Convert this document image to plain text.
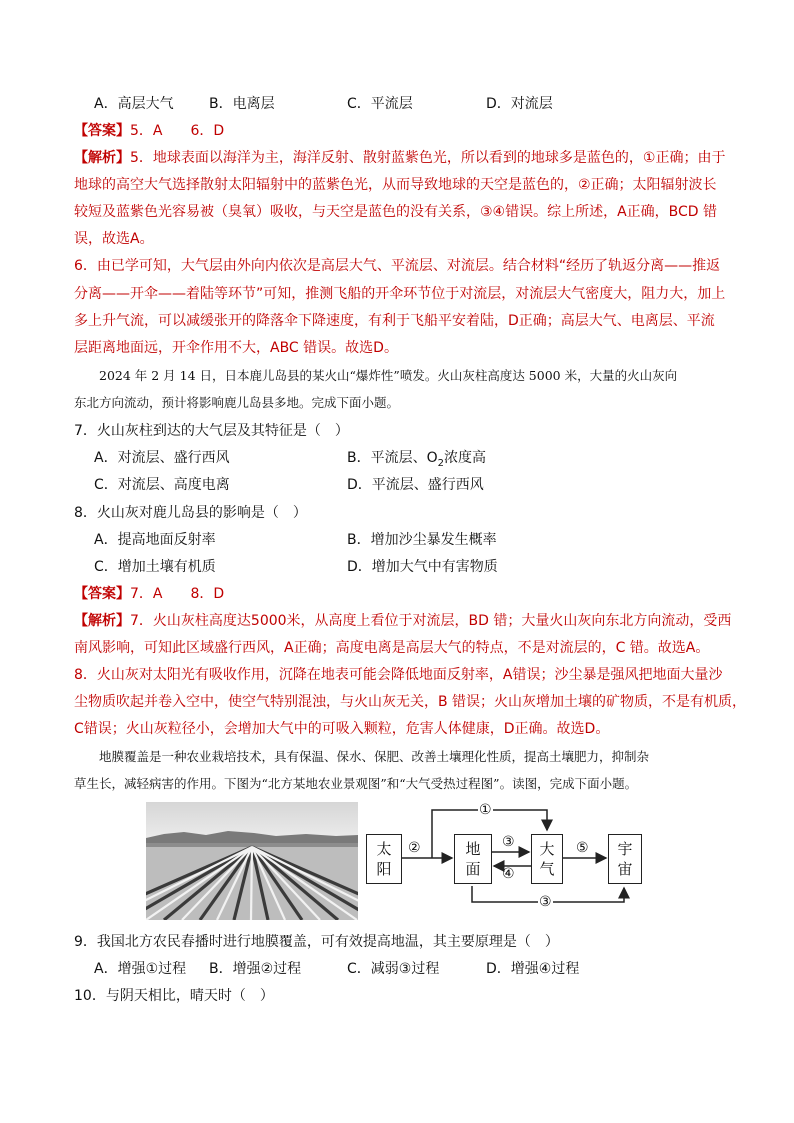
A．高层大气	B．电离层	C．平流层	D．对流层
【答案】5．A　　6．D
【解析】5．地球表面以海洋为主，海洋反射、散射蓝紫色光，所以看到的地球多是蓝色的，①正确；由于
地球的高空大气选择散射太阳辐射中的蓝紫色光，从而导致地球的天空是蓝色的，②正确；太阳辐射波长
较短及蓝紫色光容易被（臭氧）吸收，与天空是蓝色的没有关系，③④错误。综上所述，A正确，BCD 错
误，故选A。
6．由已学可知，大气层由外向内依次是高层大气、平流层、对流层。结合材料“经历了轨返分离——推返
分离——开伞——着陆等环节”可知，推测飞船的开伞环节位于对流层，对流层大气密度大，阻力大，加上
多上升气流，可以减缓张开的降落伞下降速度，有利于飞船平安着陆，D正确；高层大气、电离层、平流
层距离地面远，开伞作用不大，ABC 错误。故选D。
　　2024 年 2 月 14 日，日本鹿儿岛县的某火山“爆炸性”喷发。火山灰柱高度达 5000 米，大量的火山灰向
东北方向流动，预计将影响鹿儿岛县多地。完成下面小题。
7．火山灰柱到达的大气层及其特征是（　）
A．对流层、盛行西风	B．平流层、$O_2$浓度高
C．对流层、高度电离	D．平流层、盛行西风
8．火山灰对鹿儿岛县的影响是（　）
A．提高地面反射率	B．增加沙尘暴发生概率
C．增加土壤有机质	D．增加大气中有害物质
【答案】7．A　　8．D
【解析】7．火山灰柱高度达5000米，从高度上看位于对流层，BD 错；大量火山灰向东北方向流动，受西
南风影响，可知此区域盛行西风，A正确；高度电离是高层大气的特点，不是对流层的，C 错。故选A。
8．火山灰对太阳光有吸收作用，沉降在地表可能会降低地面反射率，A错误；沙尘暴是强风把地面大量沙
尘物质吹起并卷入空中，使空气特别混浊，与火山灰无关，B 错误；火山灰增加土壤的矿物质，不是有机质，
C错误；火山灰粒径小，会增加大气中的可吸入颗粒，危害人体健康，D正确。故选D。
　　地膜覆盖是一种农业栽培技术，具有保温、保水、保肥、改善土壤理化性质，提高土壤肥力，抑制杂
草生长，减轻病害的作用。下图为“北方某地农业景观图”和“大气受热过程图”。读图，完成下面小题。
太阳
地面
大气
宇宙
①
②	③
④
⑤
③
9．我国北方农民春播时进行地膜覆盖，可有效提高地温，其主要原理是（　）
A．增强①过程 B．增强②过程	C．减弱③过程	D．增强④过程
10．与阴天相比，晴天时（　）
